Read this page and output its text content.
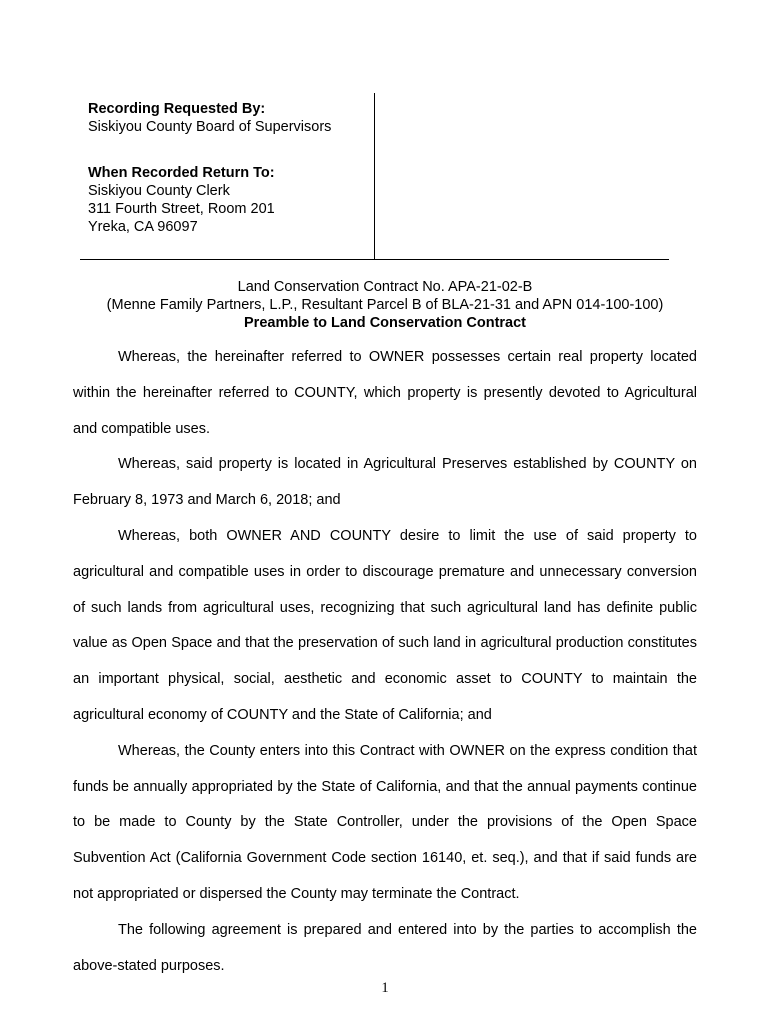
Recording Requested By:
Siskiyou County Board of Supervisors
When Recorded Return To:
Siskiyou County Clerk
311 Fourth Street, Room 201
Yreka, CA 96097
Land Conservation Contract No. APA-21-02-B
(Menne Family Partners, L.P., Resultant Parcel B of BLA-21-31 and APN 014-100-100)
Preamble to Land Conservation Contract

Whereas, the hereinafter referred to OWNER possesses certain real property located within the hereinafter referred to COUNTY, which property is presently devoted to Agricultural and compatible uses.

Whereas, said property is located in Agricultural Preserves established by COUNTY on February 8, 1973 and March 6, 2018; and

Whereas, both OWNER AND COUNTY desire to limit the use of said property to agricultural and compatible uses in order to discourage premature and unnecessary conversion of such lands from agricultural uses, recognizing that such agricultural land has definite public value as Open Space and that the preservation of such land in agricultural production constitutes an important physical, social, aesthetic and economic asset to COUNTY to maintain the agricultural economy of COUNTY and the State of California; and

Whereas, the County enters into this Contract with OWNER on the express condition that funds be annually appropriated by the State of California, and that the annual payments continue to be made to County by the State Controller, under the provisions of the Open Space Subvention Act (California Government Code section 16140, et. seq.), and that if said funds are not appropriated or dispersed the County may terminate the Contract.

The following agreement is prepared and entered into by the parties to accomplish the above-stated purposes.

1
